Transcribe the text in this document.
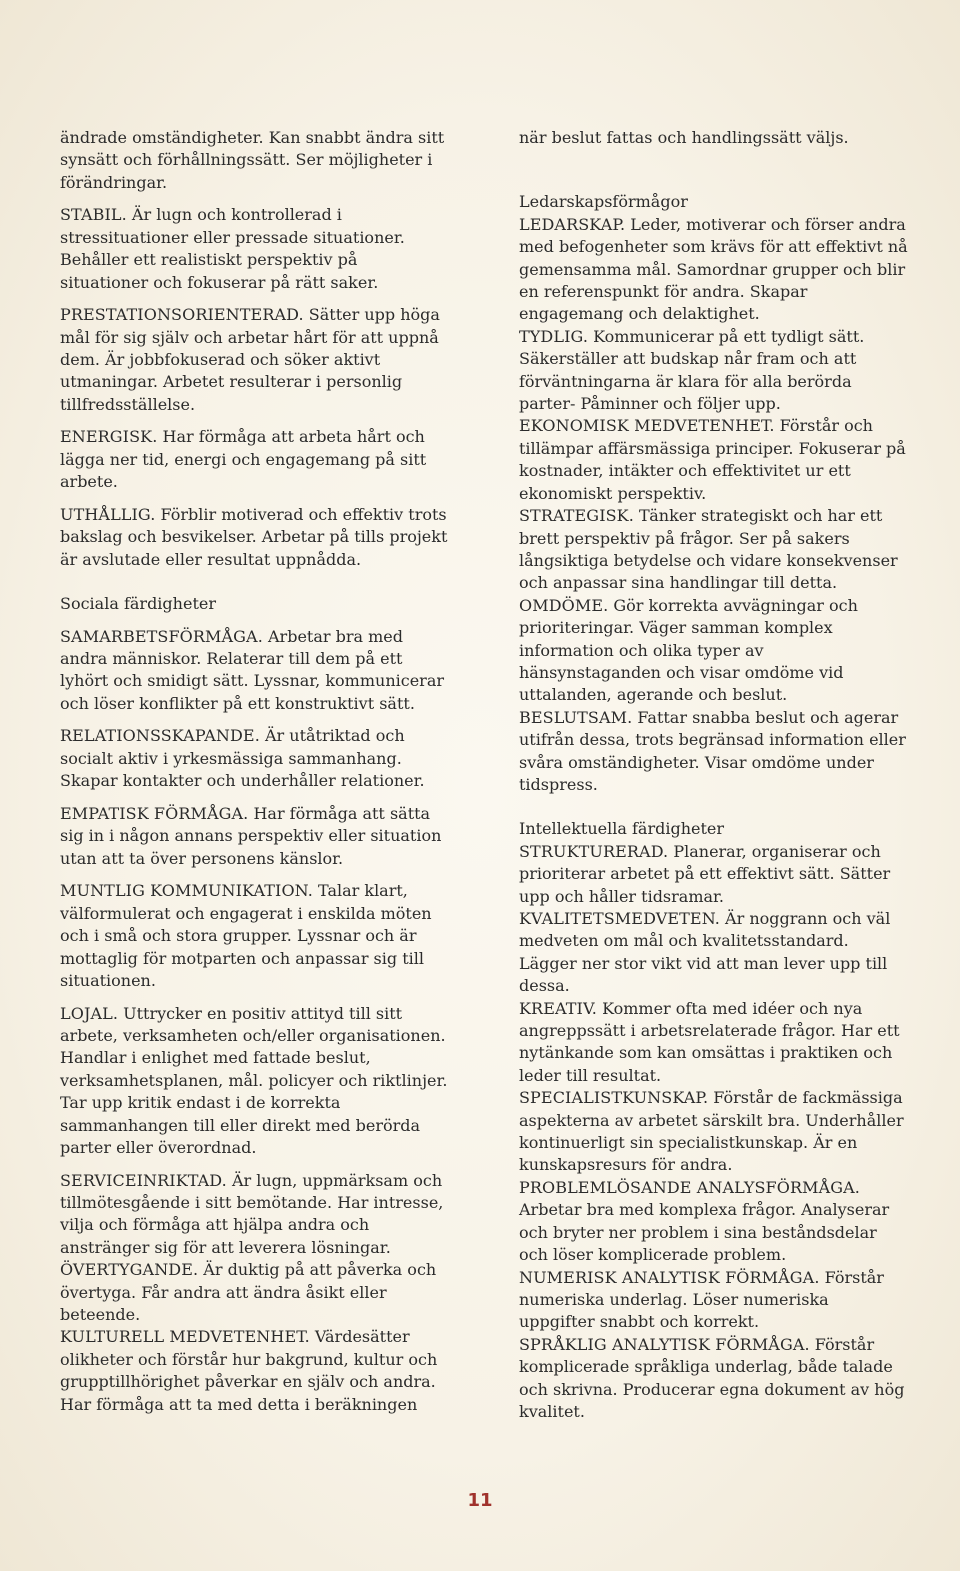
ändrade omständigheter. Kan snabbt ändra sitt synsätt och förhållningssätt. Ser möjligheter i förändringar.

STABIL. Är lugn och kontrollerad i stressituationer eller pressade situationer. Behåller ett realistiskt perspektiv på situationer och fokuserar på rätt saker.

PRESTATIONSORIENTERAD. Sätter upp höga mål för sig själv och arbetar hårt för att uppnå dem. Är jobbfokuserad och söker aktivt utmaningar. Arbetet resulterar i personlig tillfredsställelse.

ENERGISK. Har förmåga att arbeta hårt och lägga ner tid, energi och engagemang på sitt arbete.

UTHÅLLIG. Förblir motiverad och effektiv trots bakslag och besvikelser. Arbetar på tills projekt är avslutade eller resultat uppnådda.

Sociala färdigheter

SAMARBETSFÖRMÅGA. Arbetar bra med andra människor. Relaterar till dem på ett lyhört och smidigt sätt. Lyssnar, kommunicerar och löser konflikter på ett konstruktivt sätt.

RELATIONSSKAPANDE. Är utåtriktad och socialt aktiv i yrkesmässiga sammanhang. Skapar kontakter och underhåller relationer.

EMPATISK FÖRMÅGA. Har förmåga att sätta sig in i någon annans perspektiv eller situation utan att ta över personens känslor.

MUNTLIG KOMMUNIKATION. Talar klart, välformulerat och engagerat i enskilda möten och i små och stora grupper. Lyssnar och är mottaglig för motparten och anpassar sig till situationen.

LOJAL. Uttrycker en positiv attityd till sitt arbete, verksamheten och/eller organisationen. Handlar i enlighet med fattade beslut, verksamhetsplanen, mål. policyer och riktlinjer. Tar upp kritik endast i de korrekta sammanhangen till eller direkt med berörda parter eller överordnad.

SERVICEINRIKTAD. Är lugn, uppmärksam och tillmötesgående i sitt bemötande. Har intresse, vilja och förmåga att hjälpa andra och anstränger sig för att leverera lösningar.

ÖVERTYGANDE. Är duktig på att påverka och övertyga. Får andra att ändra åsikt eller beteende.

KULTURELL MEDVETENHET. Värdesätter olikheter och förstår hur bakgrund, kultur och grupptillhörighet påverkar en själv och andra. Har förmåga att ta med detta i beräkningen

när beslut fattas och handlingssätt väljs.

Ledarskapsförmågor

LEDARSKAP. Leder, motiverar och förser andra med befogenheter som krävs för att effektivt nå gemensamma mål. Samordnar grupper och blir en referenspunkt för andra. Skapar engagemang och delaktighet.

TYDLIG. Kommunicerar på ett tydligt sätt. Säkerställer att budskap når fram och att förväntningarna är klara för alla berörda parter- Påminner och följer upp.

EKONOMISK MEDVETENHET. Förstår och tillämpar affärsmässiga principer. Fokuserar på kostnader, intäkter och effektivitet ur ett ekonomiskt perspektiv.

STRATEGISK. Tänker strategiskt och har ett brett perspektiv på frågor. Ser på sakers långsiktiga betydelse och vidare konsekvenser och anpassar sina handlingar till detta.

OMDÖME. Gör korrekta avvägningar och prioriteringar. Väger samman komplex information och olika typer av hänsynstaganden och visar omdöme vid uttalanden, agerande och beslut.

BESLUTSAM. Fattar snabba beslut och agerar utifrån dessa, trots begränsad information eller svåra omständigheter. Visar omdöme under tidspress.

Intellektuella färdigheter

STRUKTURERAD. Planerar, organiserar och prioriterar arbetet på ett effektivt sätt. Sätter upp och håller tidsramar.

KVALITETSMEDVETEN. Är noggrann och väl medveten om mål och kvalitetsstandard. Lägger ner stor vikt vid att man lever upp till dessa.

KREATIV. Kommer ofta med idéer och nya angreppssätt i arbetsrelaterade frågor. Har ett nytänkande som kan omsättas i praktiken och leder till resultat.

SPECIALISTKUNSKAP. Förstår de fackmässiga aspekterna av arbetet särskilt bra. Underhåller kontinuerligt sin specialistkunskap. Är en kunskapsresurs för andra.

PROBLEMLÖSANDE ANALYSFÖRMÅGA. Arbetar bra med komplexa frågor. Analyserar och bryter ner problem i sina beståndsdelar och löser komplicerade problem.

NUMERISK ANALYTISK FÖRMÅGA. Förstår numeriska underlag. Löser numeriska uppgifter snabbt och korrekt.

SPRÅKLIG ANALYTISK FÖRMÅGA. Förstår komplicerade språkliga underlag, både talade och skrivna. Producerar egna dokument av hög kvalitet.

11
